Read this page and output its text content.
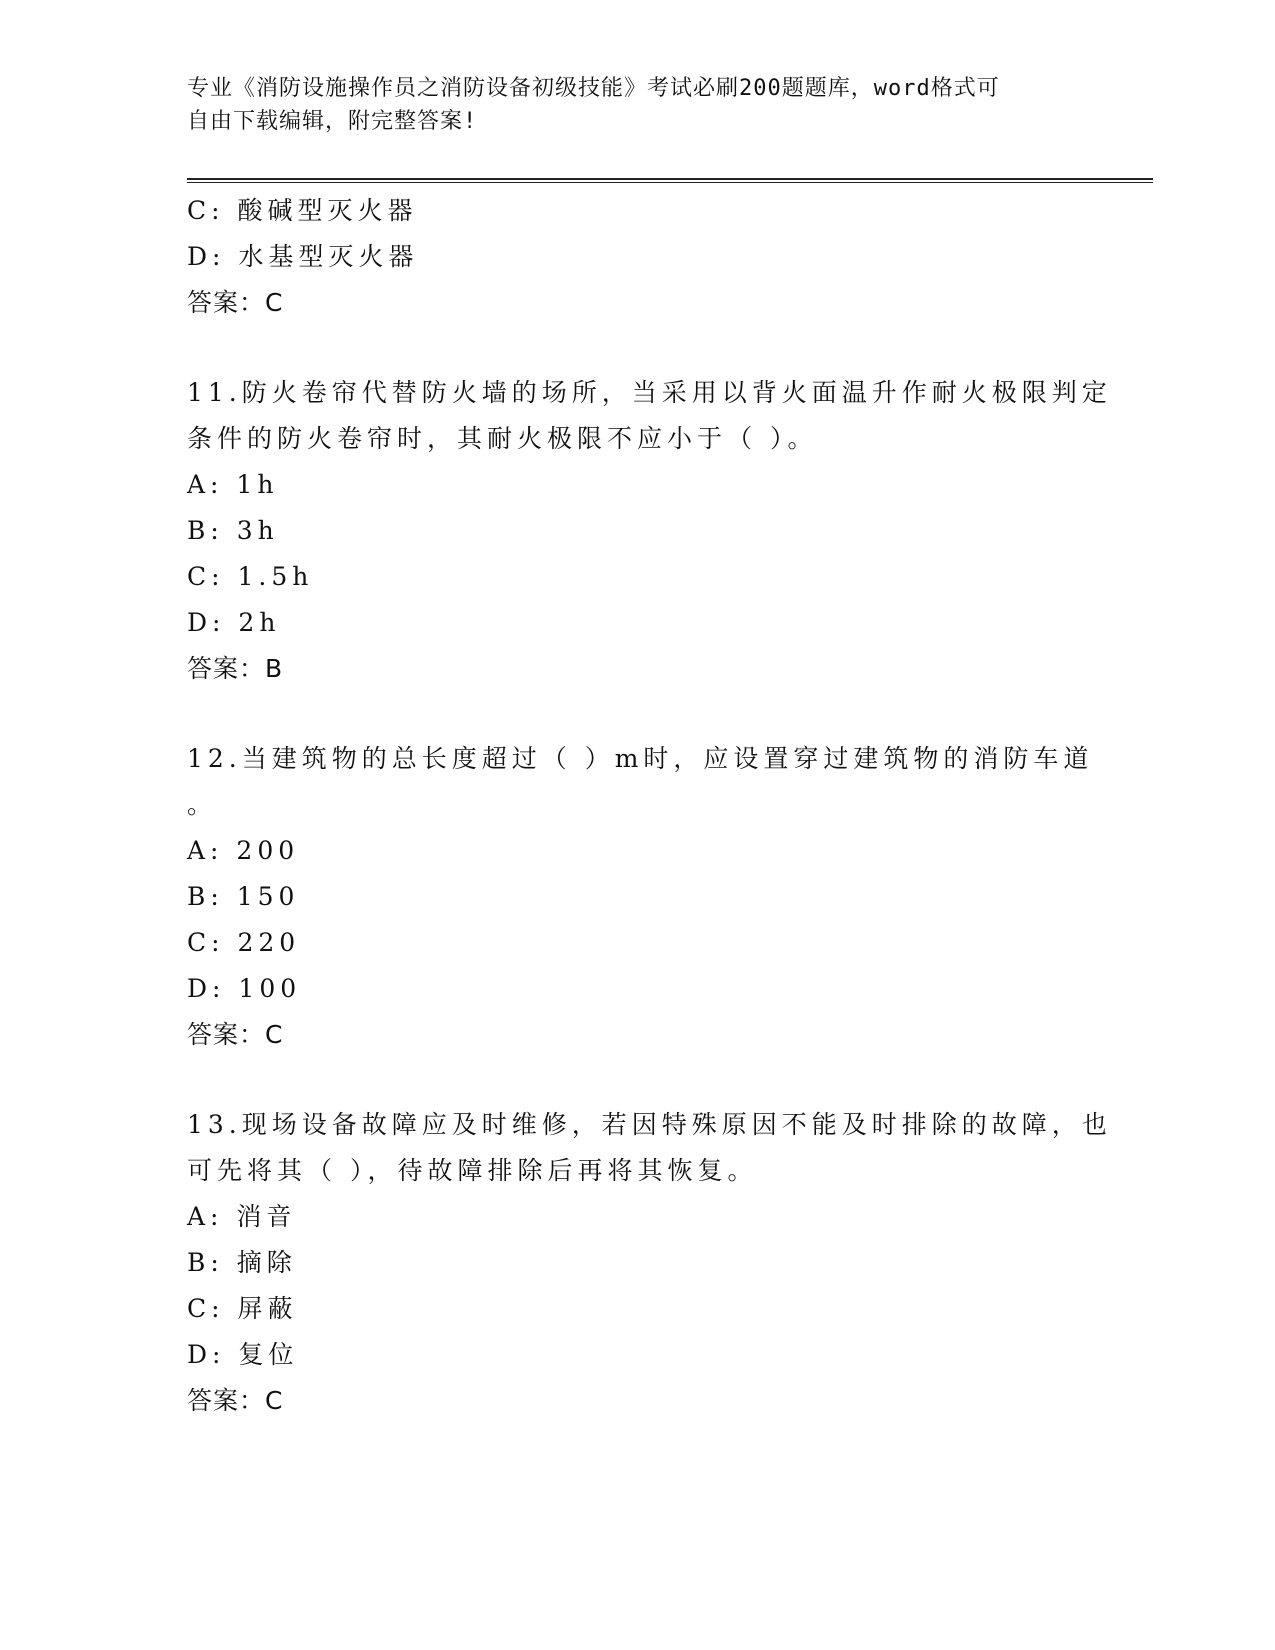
专业《消防设施操作员之消防设备初级技能》考试必刷200题题库，word格式可
自由下载编辑，附完整答案!
C: 酸碱型灭火器
D: 水基型灭火器
答案：C
11.防火卷帘代替防火墙的场所，当采用以背火面温升作耐火极限判定
条件的防火卷帘时，其耐火极限不应小于（ ）。
A: 1h
B: 3h
C: 1.5h
D: 2h
答案：B
12.当建筑物的总长度超过（ ）m时，应设置穿过建筑物的消防车道
。
A: 200
B: 150
C: 220
D: 100
答案：C
13.现场设备故障应及时维修，若因特殊原因不能及时排除的故障，也
可先将其（ ），待故障排除后再将其恢复。
A: 消音
B: 摘除
C: 屏蔽
D: 复位
答案：C
